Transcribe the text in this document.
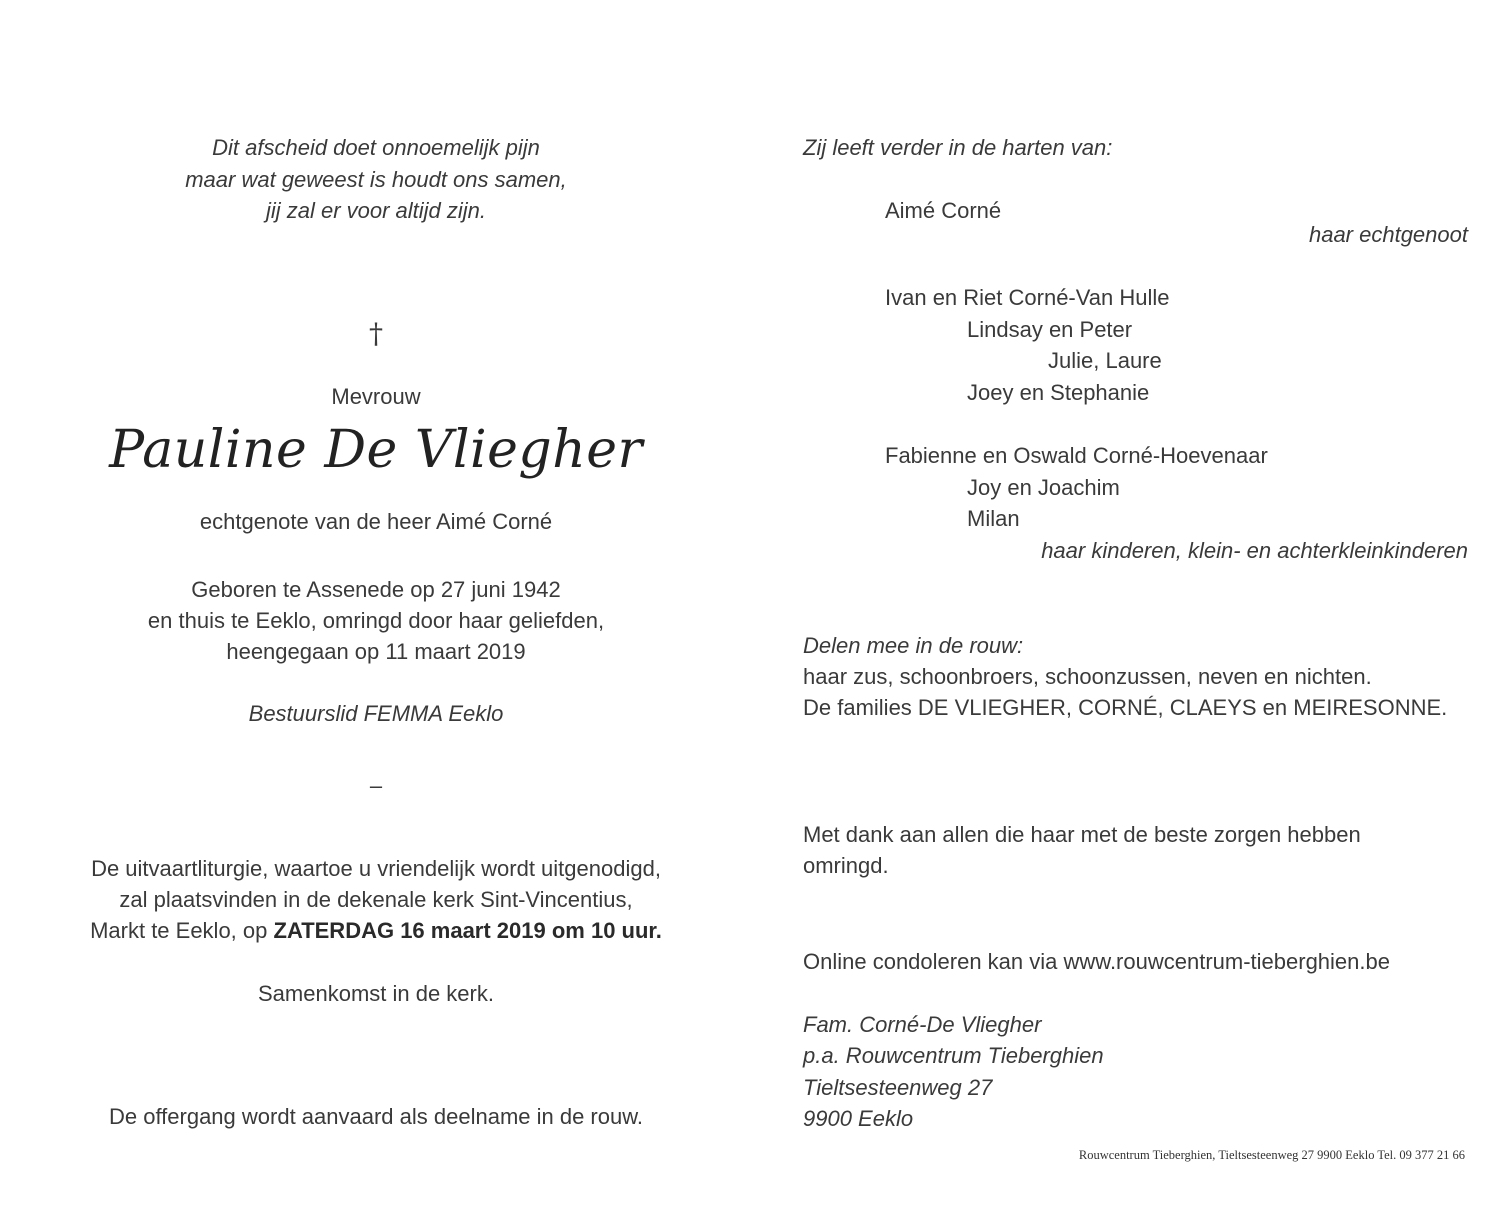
Dit afscheid doet onnoemelijk pijn
maar wat geweest is houdt ons samen,
jij zal er voor altijd zijn.
†
Mevrouw
Pauline De Vliegher
echtgenote van de heer Aimé Corné
Geboren te Assenede op 27 juni 1942
en thuis te Eeklo, omringd door haar geliefden,
heengegaan op 11 maart 2019
Bestuurslid FEMMA Eeklo
–
De uitvaartliturgie, waartoe u vriendelijk wordt uitgenodigd,
zal plaatsvinden in de dekenale kerk Sint-Vincentius,
Markt te Eeklo, op ZATERDAG 16 maart 2019 om 10 uur.
Samenkomst in de kerk.
De offergang wordt aanvaard als deelname in de rouw.
Zij leeft verder in de harten van:
Aimé Corné
haar echtgenoot
Ivan en Riet Corné-Van Hulle
Lindsay en Peter
Julie, Laure
Joey en Stephanie
Fabienne en Oswald Corné-Hoevenaar
Joy en Joachim
Milan
haar kinderen, klein- en achterkleinkinderen
Delen mee in de rouw:
haar zus, schoonbroers, schoonzussen, neven en nichten.
De families DE VLIEGHER, CORNÉ, CLAEYS en MEIRESONNE.
Met dank aan allen die haar met de beste zorgen hebben
omringd.
Online condoleren kan via www.rouwcentrum-tieberghien.be
Fam. Corné-De Vliegher
p.a. Rouwcentrum Tieberghien
Tieltsesteenweg 27
9900 Eeklo
Rouwcentrum Tieberghien, Tieltsesteenweg 27 9900 Eeklo Tel. 09 377 21 66
